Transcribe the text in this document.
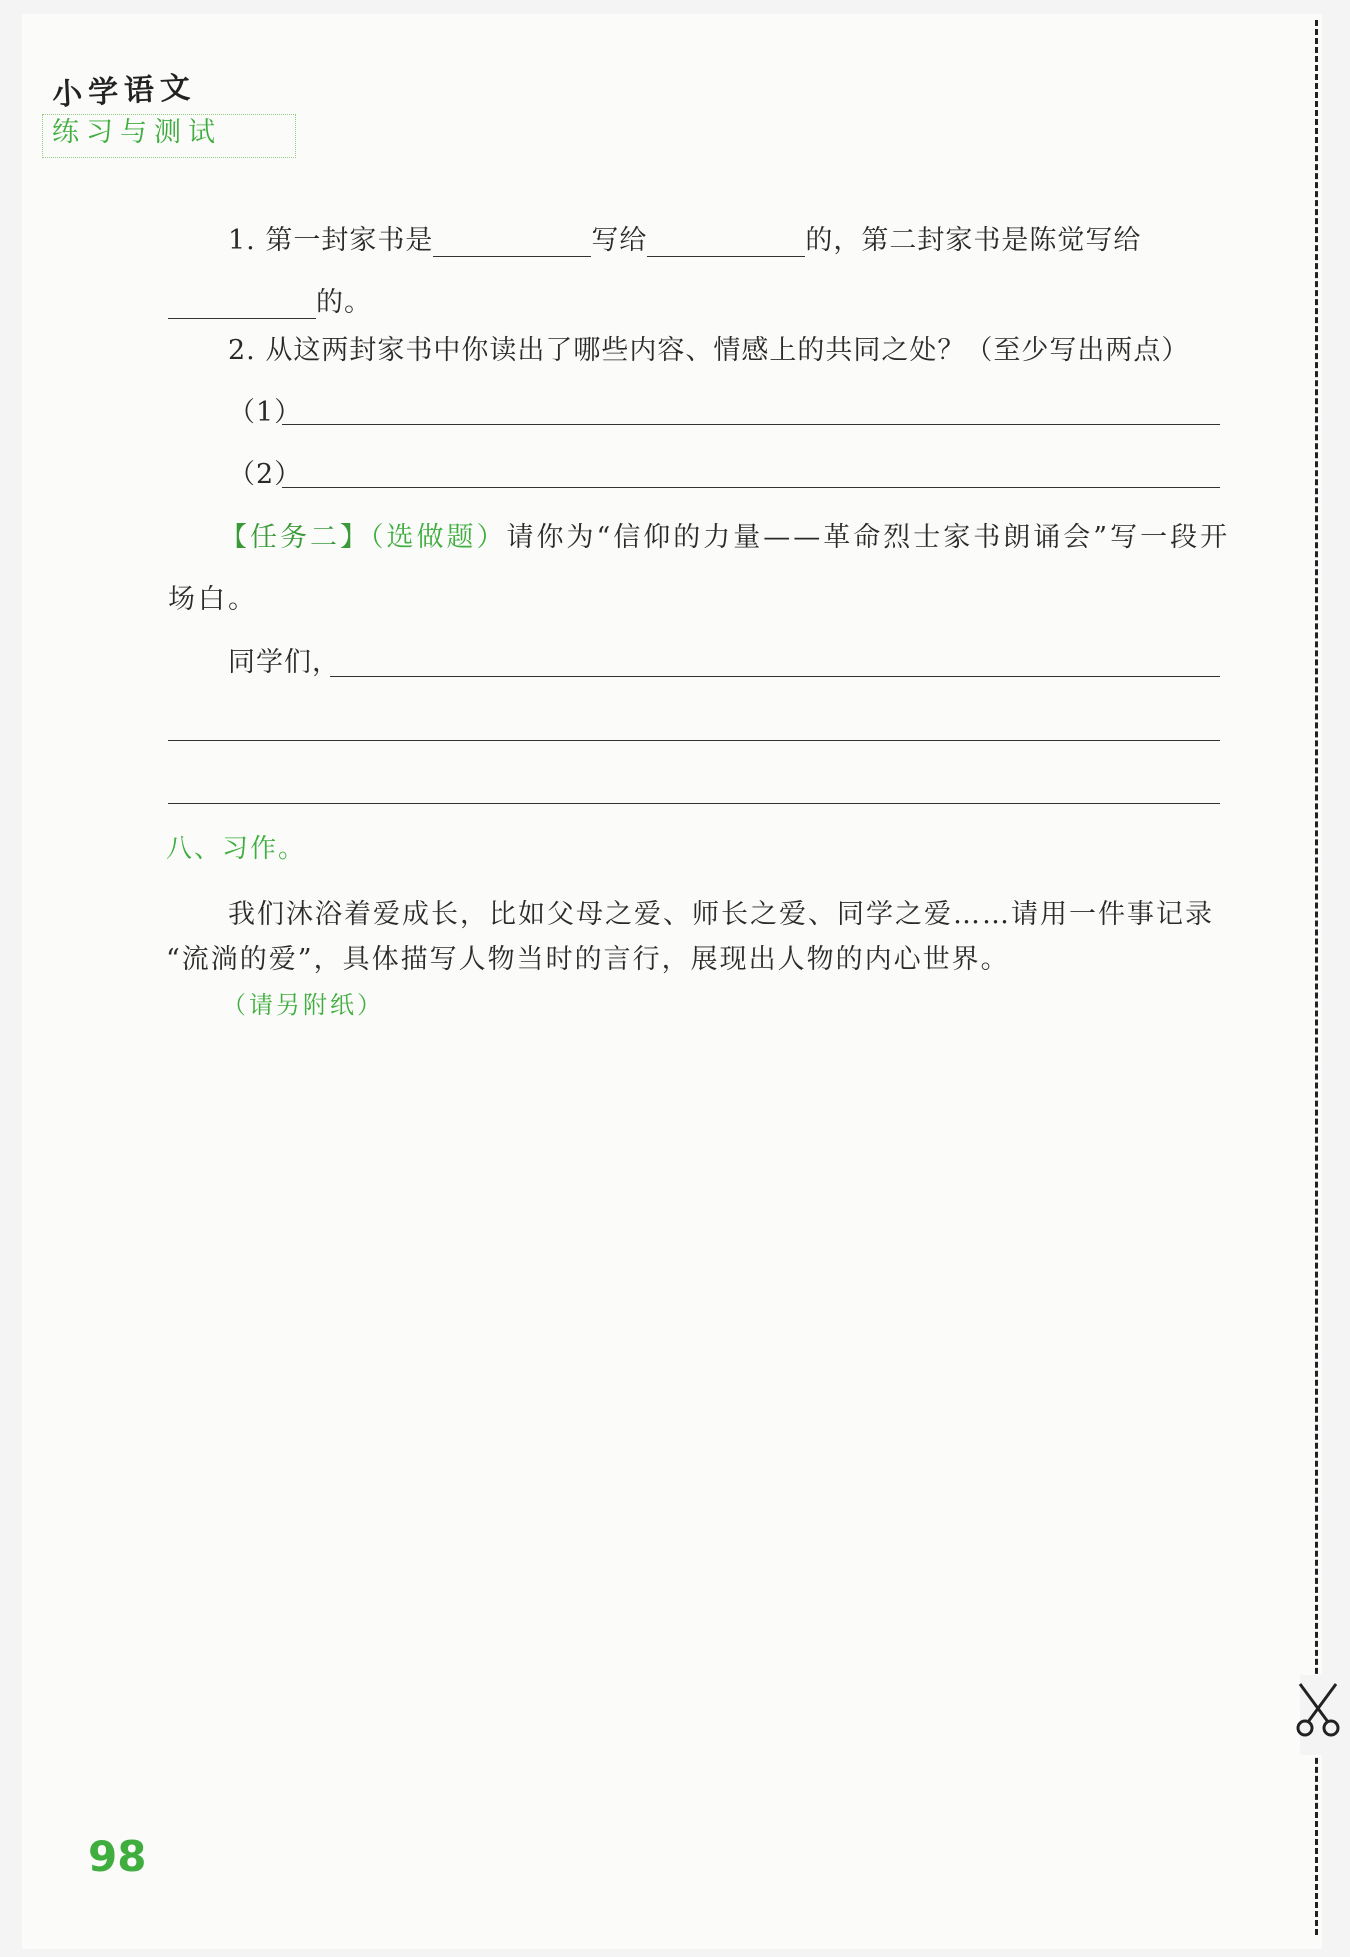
小学语文
练习与测试
1. 第一封家书是	写给	的，第二封家书是陈觉写给
的。
2. 从这两封家书中你读出了哪些内容、情感上的共同之处？（至少写出两点）
（1）
（2）
【任务二】（选做题）请你为“信仰的力量——革命烈士家书朗诵会”写一段开
场白。
同学们，
八、习作。
我们沐浴着爱成长，比如父母之爱、师长之爱、同学之爱……请用一件事记录
“流淌的爱”，具体描写人物当时的言行，展现出人物的内心世界。
（请另附纸）
98
